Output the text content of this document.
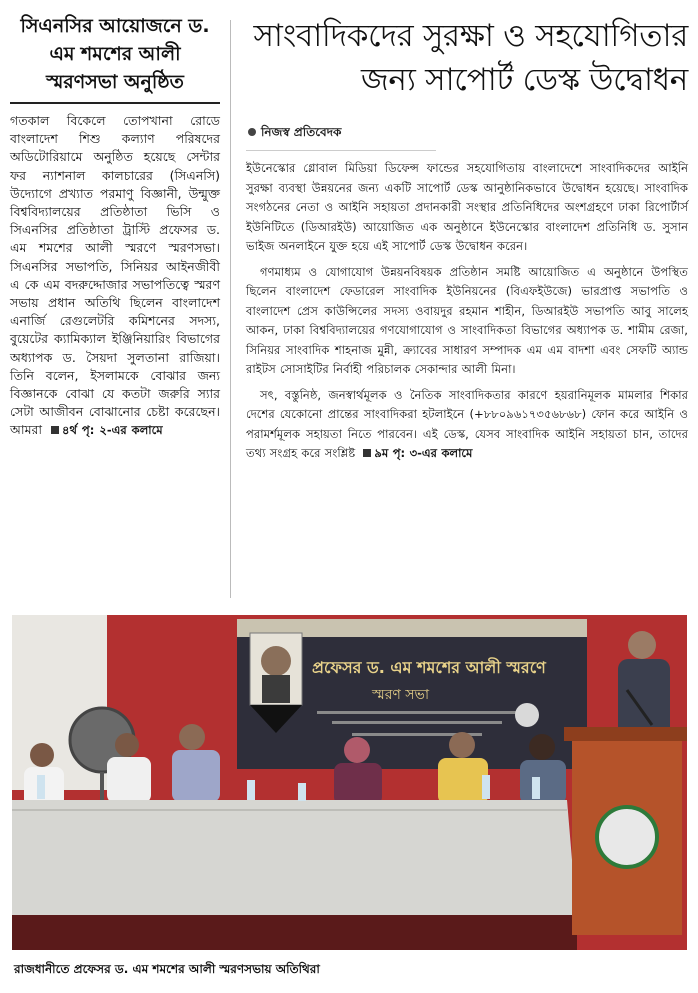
সিএনসির আয়োজনে ড. এম শমশের আলী স্মরণসভা অনুষ্ঠিত

গতকাল বিকেলে তোপখানা রোডে বাংলাদেশ শিশু কল্যাণ পরিষদের অডিটোরিয়ামে অনুষ্ঠিত হয়েছে সেন্টার ফর ন্যাশনাল কালচারের (সিএনসি) উদ্যোগে প্রখ্যাত পরমাণু বিজ্ঞানী, উন্মুক্ত বিশ্ববিদ্যালয়ের প্রতিষ্ঠাতা ভিসি ও সিএনসির প্রতিষ্ঠাতা ট্রাস্টি প্রফেসর ড. এম শমশের আলী স্মরণে স্মরণসভা। সিএনসির সভাপতি, সিনিয়র আইনজীবী এ কে এম বদরুদ্দোজার সভাপতিত্বে স্মরণ সভায় প্রধান অতিথি ছিলেন বাংলাদেশ এনার্জি রেগুলেটরি কমিশনের সদস্য, বুয়েটের ক্যামিক্যাল ইঞ্জিনিয়ারিং বিভাগের অধ্যাপক ড. সৈয়দা সুলতানা রাজিয়া। তিনি বলেন, ইসলামকে বোঝার জন্য বিজ্ঞানকে বোঝা যে কতটা জরুরি স্যার সেটা আজীবন বোঝানোর চেষ্টা করেছেন। আমরা ৪র্থ পৃ: ২-এর কলামে

সাংবাদিকদের সুরক্ষা ও সহযোগিতার জন্য সাপোর্ট ডেস্ক উদ্বোধন
নিজস্ব প্রতিবেদক

ইউনেস্কোর গ্লোবাল মিডিয়া ডিফেন্স ফান্ডের সহযোগিতায় বাংলাদেশে সাংবাদিকদের আইনি সুরক্ষা ব্যবস্থা উন্নয়নের জন্য একটি সাপোর্ট ডেস্ক আনুষ্ঠানিকভাবে উদ্বোধন হয়েছে। সাংবাদিক সংগঠনের নেতা ও আইনি সহায়তা প্রদানকারী সংস্থার প্রতিনিধিদের অংশগ্রহণে ঢাকা রিপোর্টার্স ইউনিটিতে (ডিআরইউ) আয়োজিত এক অনুষ্ঠানে ইউনেস্কোর বাংলাদেশ প্রতিনিধি ড. সুসান ভাইজ অনলাইনে যুক্ত হয়ে এই সাপোর্ট ডেস্ক উদ্বোধন করেন।

গণমাধ্যম ও যোগাযোগ উন্নয়নবিষয়ক প্রতিষ্ঠান সমষ্টি আয়োজিত এ অনুষ্ঠানে উপস্থিত ছিলেন বাংলাদেশ ফেডারেল সাংবাদিক ইউনিয়নের (বিএফইউজে) ভারপ্রাপ্ত সভাপতি ও বাংলাদেশ প্রেস কাউন্সিলের সদস্য ওবায়দুর রহমান শাহীন, ডিআরইউ সভাপতি আবু সালেহ আকন, ঢাকা বিশ্ববিদ্যালয়ের গণযোগাযোগ ও সাংবাদিকতা বিভাগের অধ্যাপক ড. শামীম রেজা, সিনিয়র সাংবাদিক শাহনাজ মুন্নী, ক্র্যাবের সাধারণ সম্পাদক এম এম বাদশা এবং সেফটি অ্যান্ড রাইটস সোসাইটির নির্বাহী পরিচালক সেকান্দার আলী মিনা।

সৎ, বস্তুনিষ্ঠ, জনস্বার্থমূলক ও নৈতিক সাংবাদিকতার কারণে হয়রানিমূলক মামলার শিকার দেশের যেকোনো প্রান্তের সাংবাদিকরা হটলাইনে (+৮৮০৯৬১৭৩৫৬৮৬৮) ফোন করে আইনি ও পরামর্শমূলক সহায়তা নিতে পারবেন। এই ডেস্ক, যেসব সাংবাদিক আইনি সহায়তা চান, তাদের তথ্য সংগ্রহ করে সংশ্লিষ্ট ৯ম পৃ: ৩-এর কলামে

প্রফেসর ড. এম শমশের আলী স্মরণে
স্মরণ সভা
রাজধানীতে প্রফেসর ড. এম শমশের আলী স্মরণসভায় অতিথিরা
